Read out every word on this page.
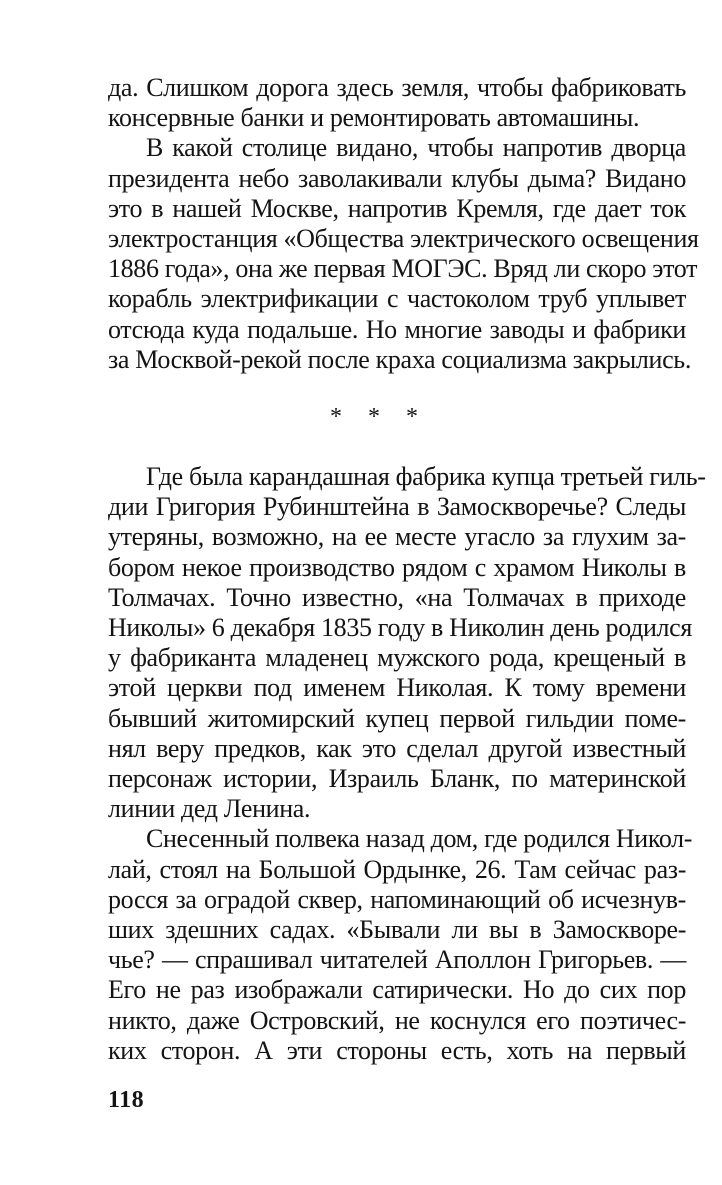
да. Слишком дорога здесь земля, чтобы фабриковать
консервные банки и ремонтировать автомашины.
В какой столице видано, чтобы напротив дворца
президента небо заволакивали клубы дыма? Видано
это в нашей Москве, напротив Кремля, где дает ток
электростанция «Общества электрического освещения
1886 года», она же первая МОГЭС. Вряд ли скоро этот
корабль электрификации с частоколом труб уплывет
отсюда куда подальше. Но многие заводы и фабрики
за Москвой-рекой после краха социализма закрылись.
* * *
Где была карандашная фабрика купца третьей гиль-
дии Григория Рубинштейна в Замоскворечье? Следы
утеряны, возможно, на ее месте угасло за глухим за-
бором некое производство рядом с храмом Николы в
Толмачах. Точно известно, «на Толмачах в приходе
Николы» 6 декабря 1835 году в Николин день родился
у фабриканта младенец мужского рода, крещеный в
этой церкви под именем Николая. К тому времени
бывший житомирский купец первой гильдии поме-
нял веру предков, как это сделал другой известный
персонаж истории, Израиль Бланк, по материнской
линии дед Ленина.
Снесенный полвека назад дом, где родился Никол-
лай, стоял на Большой Ордынке, 26. Там сейчас раз-
росся за оградой сквер, напоминающий об исчезнув-
ших здешних садах. «Бывали ли вы в Замоскворе-
чье? — спрашивал читателей Аполлон Григорьев. —
Его не раз изображали сатирически. Но до сих пор
никто, даже Островский, не коснулся его поэтичес-
ких сторон. А эти стороны есть, хоть на первый
118
